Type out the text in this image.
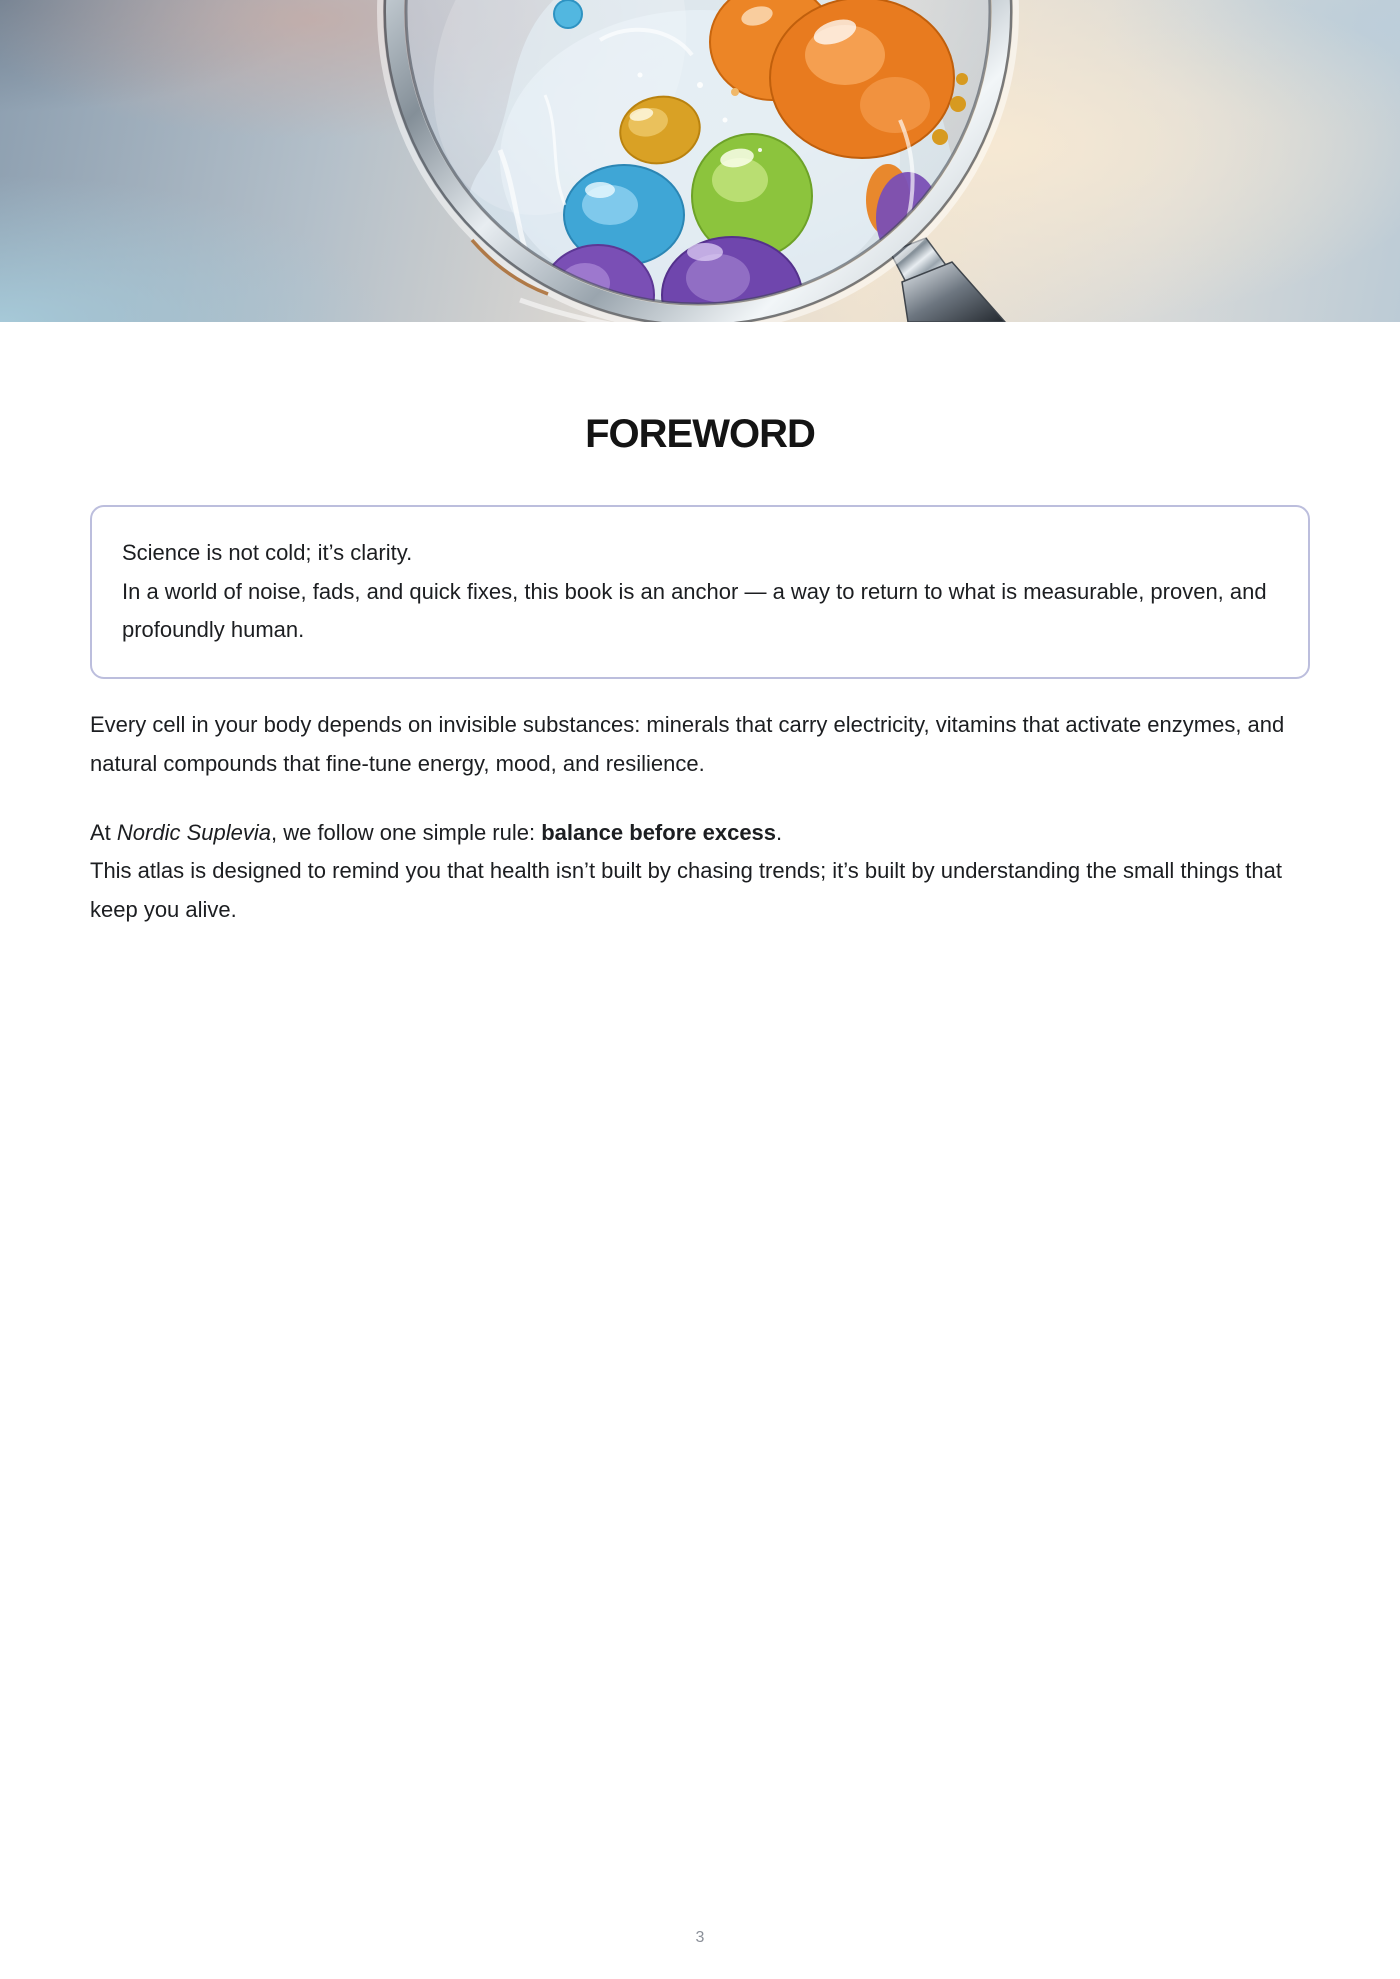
FOREWORD

Science is not cold; it’s clarity.
In a world of noise, fads, and quick fixes, this book is an anchor — a way to return to what is measurable, proven, and profoundly human.

Every cell in your body depends on invisible substances: minerals that carry electricity, vitamins that activate enzymes, and natural compounds that fine-tune energy, mood, and resilience.

At Nordic Suplevia, we follow one simple rule: balance before excess.
This atlas is designed to remind you that health isn’t built by chasing trends; it’s built by understanding the small things that keep you alive.

3
